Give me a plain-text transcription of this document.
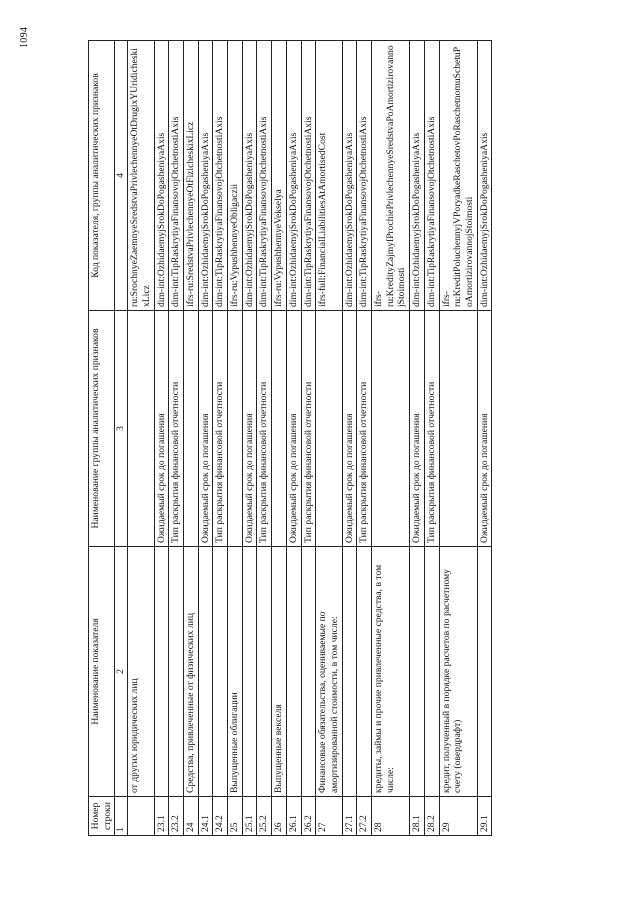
Номер строки	Наименование показателя	Наименование группы аналитических признаков	Код показателя, группы аналитических признаков
1	2	3	4
	от других юридических лиц		ru:SrochnyeZaemnyeSredstvaPrivlechennyeOtDrugixYUridicheskixLicz
23.1		Ожидаемый срок до погашения	dim-int:OzhidaemyjSrokDoPogasheniyaAxis
23.2		Тип раскрытия финансовой отчетности	dim-int:TipRaskrytiyaFinansovojOtchetnostiAxis
24	Средства, привлеченные от физических лиц		ifrs-ru:SredstvaPrivlechennyeOtFizicheskixLicz
24.1		Ожидаемый срок до погашения	dim-int:OzhidaemyjSrokDoPogasheniyaAxis
24.2		Тип раскрытия финансовой отчетности	dim-int:TipRaskrytiyaFinansovojOtchetnostiAxis
25	Выпущенные облигации		ifrs-ru:VypushhennyeObligaczii
25.1		Ожидаемый срок до погашения	dim-int:OzhidaemyjSrokDoPogasheniyaAxis
25.2		Тип раскрытия финансовой отчетности	dim-int:TipRaskrytiyaFinansovojOtchetnostiAxis
26	Выпущенные векселя		ifrs-ru:VypushhennyeVekselya
26.1		Ожидаемый срок до погашения	dim-int:OzhidaemyjSrokDoPogasheniyaAxis
26.2		Тип раскрытия финансовой отчетности	dim-int:TipRaskrytiyaFinansovojOtchetnostiAxis
27	Финансовые обязательства, оцениваемые по амортизированной стоимости, в том числе:		ifrs-full:FinancialLiabilitiesAtAmortisedCost
27.1		Ожидаемый срок до погашения	dim-int:OzhidaemyjSrokDoPogasheniyaAxis
27.2		Тип раскрытия финансовой отчетности	dim-int:TipRaskrytiyaFinansovojOtchetnostiAxis
28	кредиты, займы и прочие привлеченные средства, в том числе:		ifrs-ru:KredityZajmyIProchiePrivlechennyeSredstvaPoAmortizirovannojStoimosti
28.1		Ожидаемый срок до погашения	dim-int:OzhidaemyjSrokDoPogasheniyaAxis
28.2		Тип раскрытия финансовой отчетности	dim-int:TipRaskrytiyaFinansovojOtchetnostiAxis
29	кредит, полученный в порядке расчетов по расчетному счету (овердрафт)		ifrs-ru:KreditPoluchennyjVPoryadkeRaschetovPoRaschetnomuSchetuPoAmortizirovannojStoimosti
29.1		Ожидаемый срок до погашения	dim-int:OzhidaemyjSrokDoPogasheniyaAxis
1094
